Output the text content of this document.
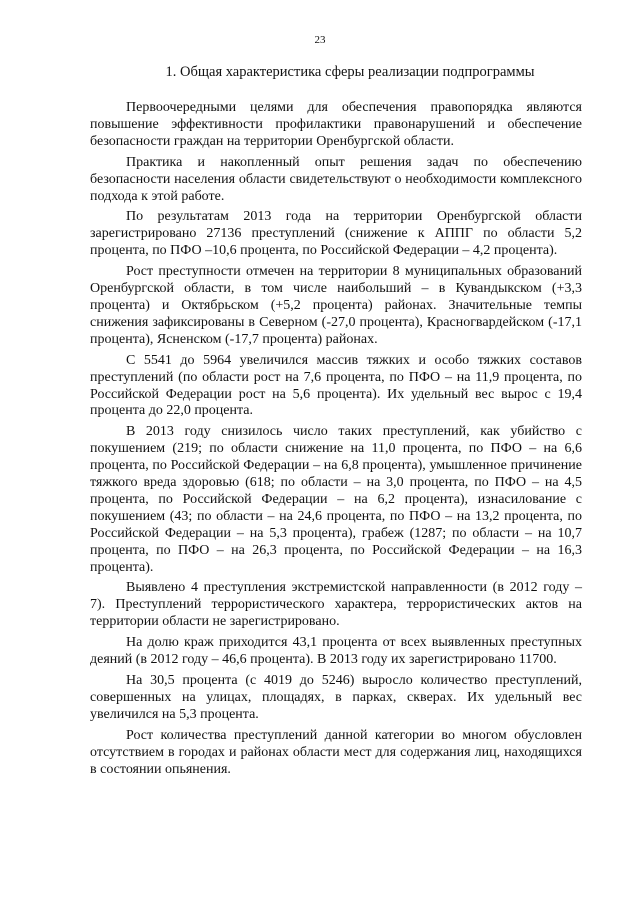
23
1. Общая характеристика сферы реализации подпрограммы

Первоочередными целями для обеспечения правопорядка являются повышение эффективности профилактики правонарушений и обеспечение безопасности граждан на территории Оренбургской области.

Практика и накопленный опыт решения задач по обеспечению безопасности населения области свидетельствуют о необходимости комплексного подхода к этой работе.

По результатам 2013 года на территории Оренбургской области зарегистрировано 27136 преступлений (снижение к АППГ по области 5,2 процента, по ПФО –10,6 процента, по Российской Федерации – 4,2 процента).

Рост преступности отмечен на территории 8 муниципальных образований Оренбургской области, в том числе наибольший – в Кувандыкском (+3,3 процента) и Октябрьском (+5,2 процента) районах. Значительные темпы снижения зафиксированы в Северном (-27,0 процента), Красногвардейском (-17,1 процента), Ясненском (-17,7 процента) районах.

С 5541 до 5964 увеличился массив тяжких и особо тяжких составов преступлений (по области рост на 7,6 процента, по ПФО – на 11,9 процента, по Российской Федерации рост на 5,6 процента). Их удельный вес вырос с 19,4 процента до 22,0 процента.

В 2013 году снизилось число таких преступлений, как убийство с покушением (219; по области снижение на 11,0 процента, по ПФО – на 6,6 процента, по Российской Федерации – на 6,8 процента), умышленное причинение тяжкого вреда здоровью (618; по области – на 3,0 процента, по ПФО – на 4,5 процента, по Российской Федерации – на 6,2 процента), изнасилование с покушением (43; по области – на 24,6 процента, по ПФО – на 13,2 процента, по Российской Федерации – на 5,3 процента), грабеж (1287; по области – на 10,7 процента, по ПФО – на 26,3 процента, по Российской Федерации – на 16,3 процента).

Выявлено 4 преступления экстремистской направленности (в 2012 году – 7). Преступлений террористического характера, террористических актов на территории области не зарегистрировано.

На долю краж приходится 43,1 процента от всех выявленных преступных деяний (в 2012 году – 46,6 процента). В 2013 году их зарегистрировано 11700.

На 30,5 процента (с 4019 до 5246) выросло количество преступлений, совершенных на улицах, площадях, в парках, скверах. Их удельный вес увеличился на 5,3 процента.

Рост количества преступлений данной категории во многом обусловлен отсутствием в городах и районах области мест для содержания лиц, находящихся в состоянии опьянения.
